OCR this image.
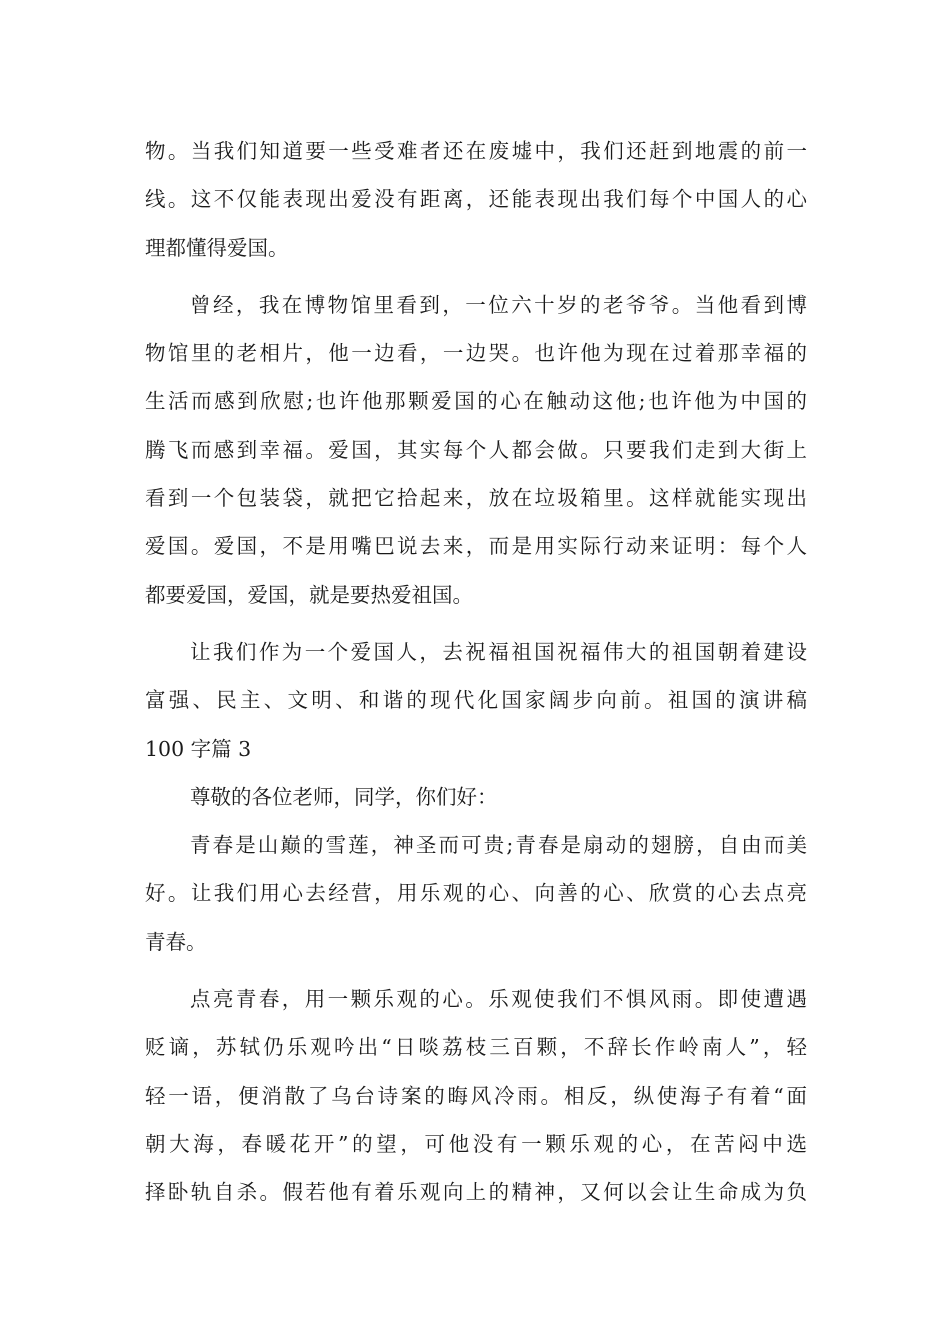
物。当我们知道要一些受难者还在废墟中，我们还赶到地震的前一
线。这不仅能表现出爱没有距离，还能表现出我们每个中国人的心
理都懂得爱国。
曾经，我在博物馆里看到，一位六十岁的老爷爷。当他看到博
物馆里的老相片，他一边看，一边哭。也许他为现在过着那幸福的
生活而感到欣慰;也许他那颗爱国的心在触动这他;也许他为中国的
腾飞而感到幸福。爱国，其实每个人都会做。只要我们走到大街上
看到一个包装袋，就把它拾起来，放在垃圾箱里。这样就能实现出
爱国。爱国，不是用嘴巴说去来，而是用实际行动来证明：每个人
都要爱国，爱国，就是要热爱祖国。
让我们作为一个爱国人，去祝福祖国祝福伟大的祖国朝着建设
富强、民主、文明、和谐的现代化国家阔步向前。祖国的演讲稿
100 字篇 3
尊敬的各位老师，同学，你们好：
青春是山巅的雪莲，神圣而可贵;青春是扇动的翅膀，自由而美
好。让我们用心去经营，用乐观的心、向善的心、欣赏的心去点亮
青春。
点亮青春，用一颗乐观的心。乐观使我们不惧风雨。即使遭遇
贬谪，苏轼仍乐观吟出“日啖荔枝三百颗，不辞长作岭南人”，轻
轻一语，便消散了乌台诗案的晦风冷雨。相反，纵使海子有着“面
朝大海，春暖花开”的望，可他没有一颗乐观的心，在苦闷中选
择卧轨自杀。假若他有着乐观向上的精神，又何以会让生命成为负
